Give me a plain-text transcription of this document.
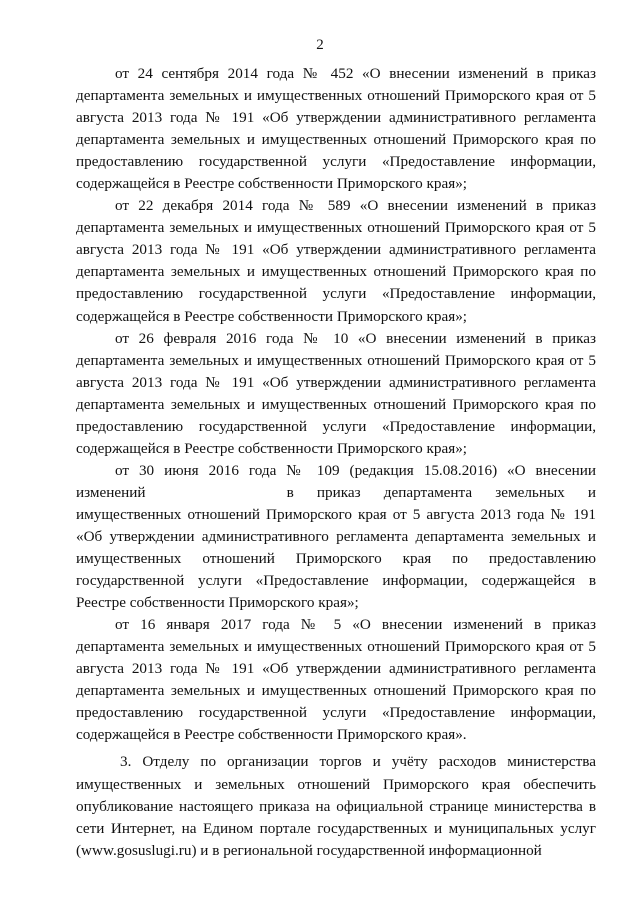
2

от 24 сентября 2014 года № 452 «О внесении изменений в приказ департамента земельных и имущественных отношений Приморского края от 5 августа 2013 года № 191 «Об утверждении административного регламента департамента земельных и имущественных отношений Приморского края по предоставлению государственной услуги «Предоставление информации, содержащейся в Реестре собственности Приморского края»;

от 22 декабря 2014 года № 589 «О внесении изменений в приказ департамента земельных и имущественных отношений Приморского края от 5 августа 2013 года № 191 «Об утверждении административного регламента департамента земельных и имущественных отношений Приморского края по предоставлению государственной услуги «Предоставление информации, содержащейся в Реестре собственности Приморского края»;

от 26 февраля 2016 года № 10 «О внесении изменений в приказ департамента земельных и имущественных отношений Приморского края от 5 августа 2013 года № 191 «Об утверждении административного регламента департамента земельных и имущественных отношений Приморского края по предоставлению государственной услуги «Предоставление информации, содержащейся в Реестре собственности Приморского края»;

от 30 июня 2016 года № 109 (редакция 15.08.2016) «О внесении изменений	в приказ департамента земельных и имущественных отношений Приморского края от 5 августа 2013 года № 191 «Об утверждении административного регламента департамента земельных и имущественных отношений Приморского края по предоставлению государственной услуги «Предоставление информации, содержащейся в Реестре собственности Приморского края»;

от 16 января 2017 года № 5 «О внесении изменений в приказ департамента земельных и имущественных отношений Приморского края от 5 августа 2013 года № 191 «Об утверждении административного регламента департамента земельных и имущественных отношений Приморского края по предоставлению государственной услуги «Предоставление информации, содержащейся в Реестре собственности Приморского края».

3. Отделу по организации торгов и учёту расходов министерства имущественных и земельных отношений Приморского края обеспечить опубликование настоящего приказа на официальной странице министерства в сети Интернет, на Едином портале государственных и муниципальных услуг (www.gosuslugi.ru) и в региональной государственной информационной
